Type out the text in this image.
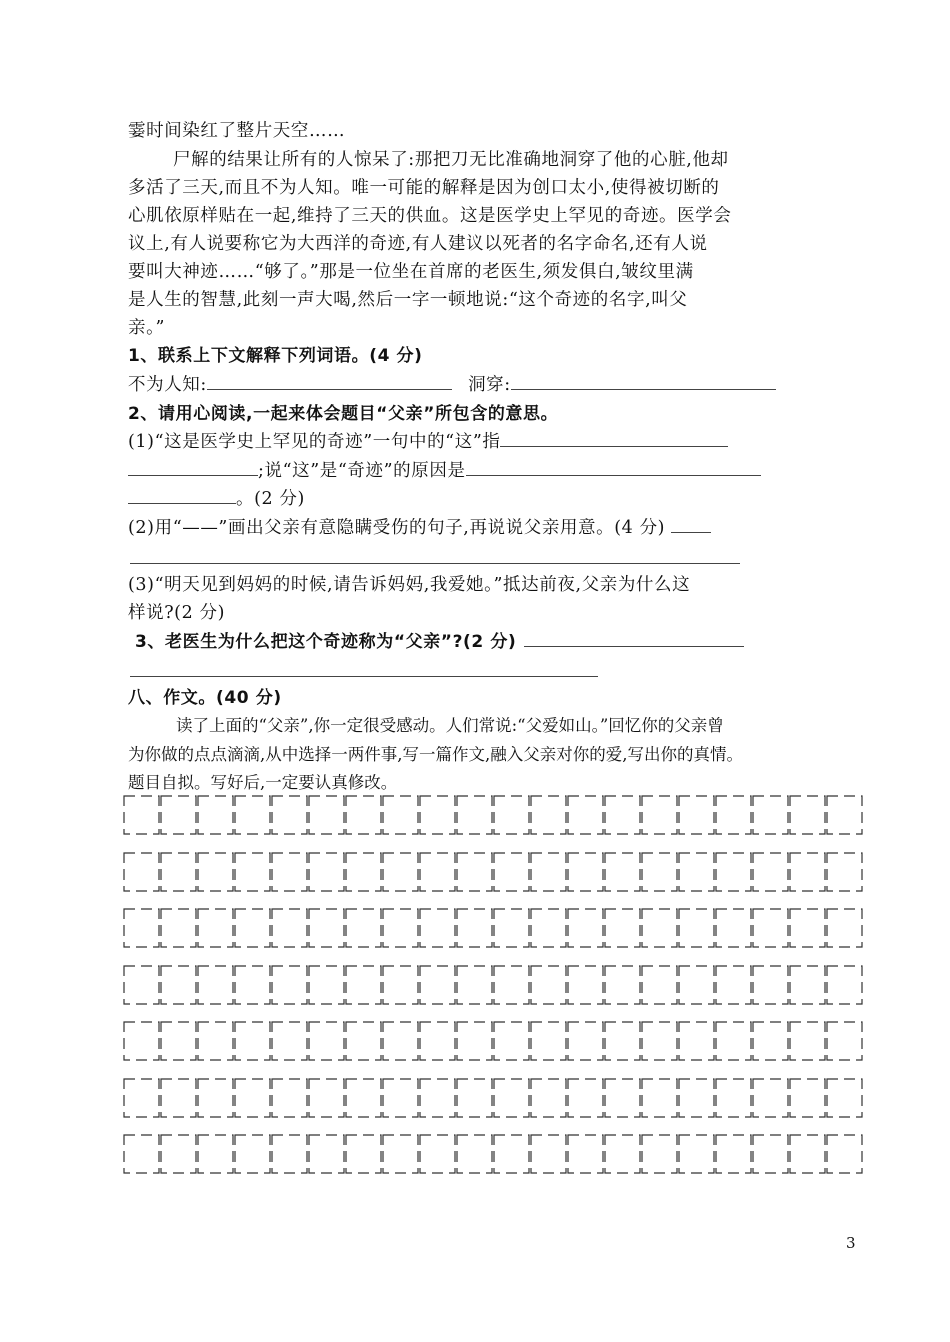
霎时间染红了整片天空……
尸解的结果让所有的人惊呆了:那把刀无比准确地洞穿了他的心脏,他却
多活了三天,而且不为人知。唯一可能的解释是因为创口太小,使得被切断的
心肌依原样贴在一起,维持了三天的供血。这是医学史上罕见的奇迹。医学会
议上,有人说要称它为大西洋的奇迹,有人建议以死者的名字命名,还有人说
要叫大神迹……“够了。”那是一位坐在首席的老医生,须发俱白,皱纹里满
是人生的智慧,此刻一声大喝,然后一字一顿地说:“这个奇迹的名字,叫父
亲。”
1、联系上下文解释下列词语。(4 分)
不为人知:	洞穿:
2、请用心阅读,一起来体会题目“父亲”所包含的意思。
(1)“这是医学史上罕见的奇迹”一句中的“这”指
;说“这”是“奇迹”的原因是
。(2 分)
(2)用“——”画出父亲有意隐瞒受伤的句子,再说说父亲用意。(4 分)
(3)“明天见到妈妈的时候,请告诉妈妈,我爱她。”抵达前夜,父亲为什么这
样说?(2 分)
3、老医生为什么把这个奇迹称为“父亲”?(2 分)
八、作文。(40 分)
读了上面的“父亲”,你一定很受感动。人们常说:“父爱如山。”回忆你的父亲曾
为你做的点点滴滴,从中选择一两件事,写一篇作文,融入父亲对你的爱,写出你的真情。
题目自拟。写好后,一定要认真修改。
3
